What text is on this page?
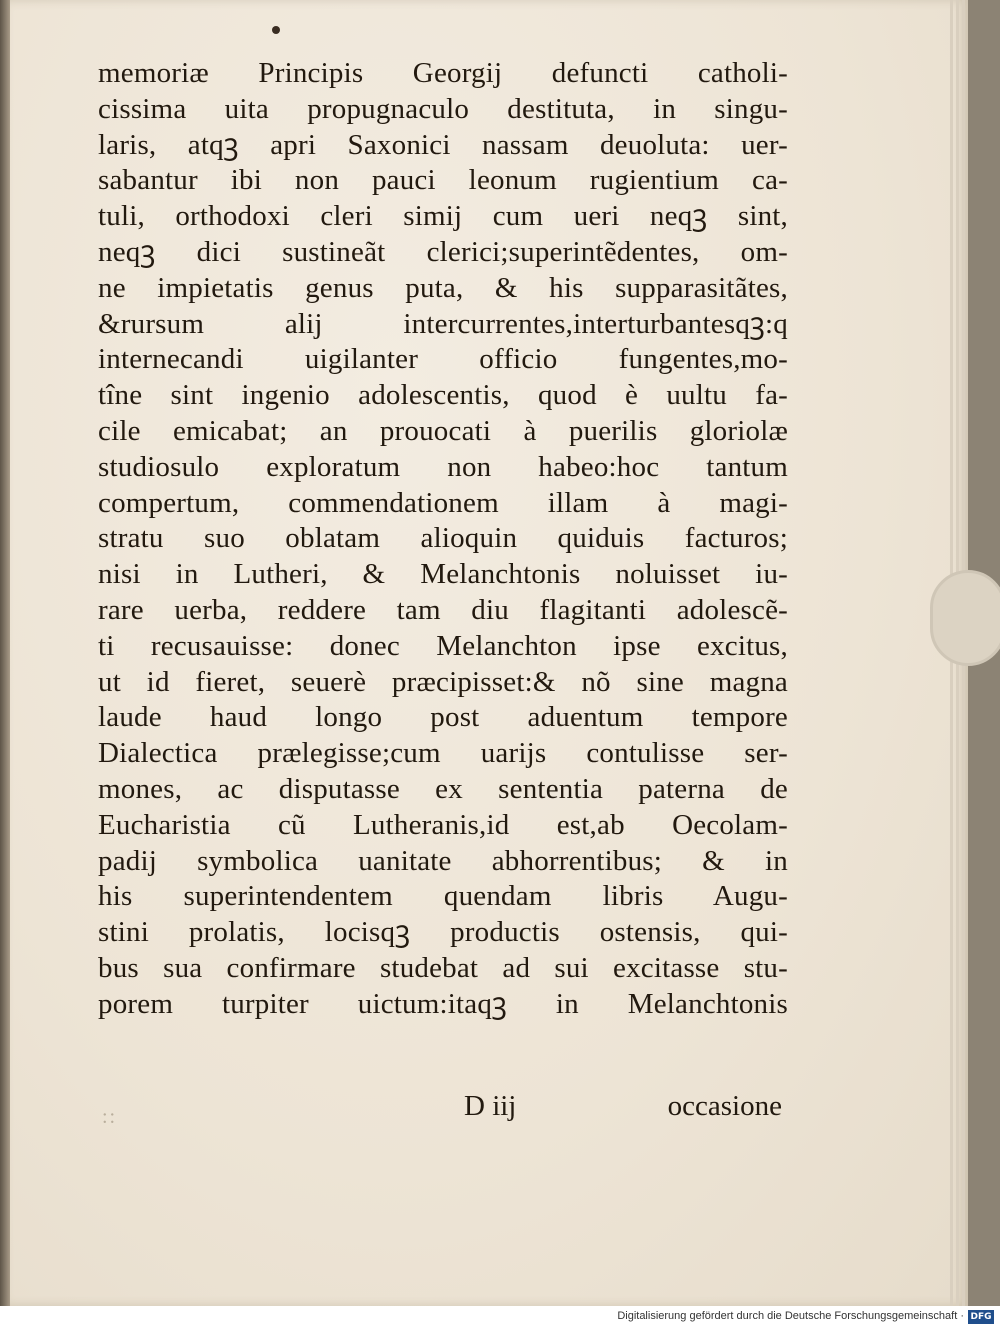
memoriæ Principis Georgij defuncti catholi-
cissima uita propugnaculo destituta, in singu-
laris, atqꝫ apri Saxonici nassam deuoluta: uer-
sabantur ibi non pauci leonum rugientium ca-
tuli, orthodoxi cleri simij cum ueri neqꝫ sint,
neqꝫ dici sustineãt clerici;superintẽdentes, om-
ne impietatis genus puta, & his supparasitãtes,
&rursum alij intercurrentes,interturbantesqꝫ:q
internecandi uigilanter officio fungentes,mo-
tîne sint ingenio adolescentis, quod è uultu fa-
cile emicabat; an prouocati à puerilis gloriolæ
studiosulo exploratum non habeo:hoc tantum
compertum, commendationem illam à magi-
stratu suo oblatam alioquin quiduis facturos;
nisi in Lutheri, & Melanchtonis noluisset iu-
rare uerba, reddere tam diu flagitanti adolescẽ-
ti recusauisse: donec Melanchton ipse excitus,
ut id fieret, seuerè præcipisset:& nõ sine magna
laude haud longo post aduentum tempore
Dialectica prælegisse;cum uarijs contulisse ser-
mones, ac disputasse ex sententia paterna de
Eucharistia cũ Lutheranis,id est,ab Oecolam-
padij symbolica uanitate abhorrentibus; & in
his superintendentem quendam libris Augu-
stini prolatis, locisqꝫ productis ostensis, qui-
bus sua confirmare studebat ad sui excitasse stu-
porem turpiter uictum:itaqꝫ in Melanchtonis
::	D iij	occasione
Digitalisierung gefördert durch die Deutsche Forschungsgemeinschaft · DFG
